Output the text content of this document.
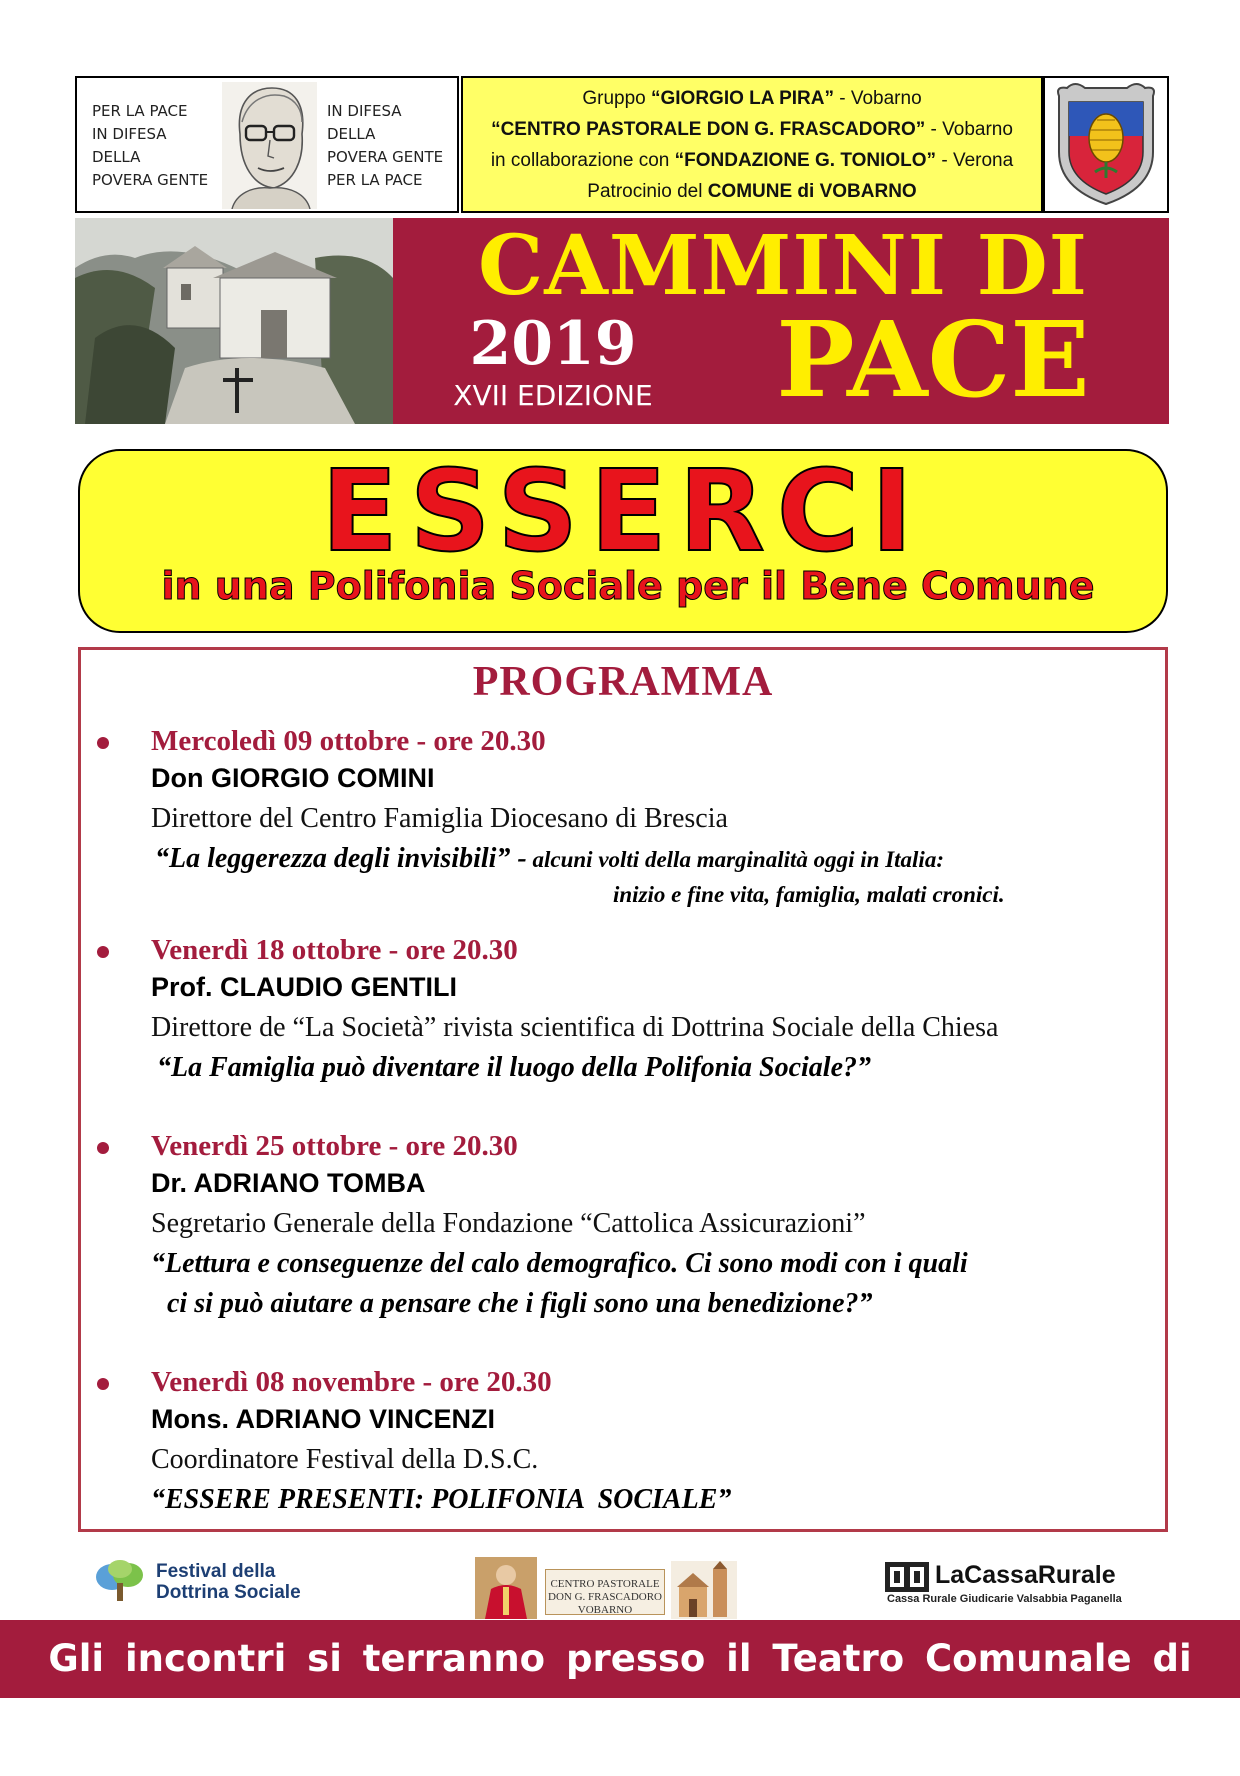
PER LA PACE
IN DIFESA
DELLA
POVERA GENTE
IN DIFESA
DELLA
POVERA GENTE
PER LA PACE
Gruppo “GIORGIO LA PIRA” - Vobarno
“CENTRO PASTORALE DON G. FRASCADORO” - Vobarno
in collaborazione con “FONDAZIONE G. TONIOLO” - Verona
Patrocinio del COMUNE di VOBARNO
CAMMINI DI
2019
XVII EDIZIONE	PACE
ESSERCI
in una Polifonia Sociale per il Bene Comune
PROGRAMMA
Mercoledì 09 ottobre - ore 20.30
Don GIORGIO COMINI
Direttore del Centro Famiglia Diocesano di Brescia
“La leggerezza degli invisibili” - alcuni volti della marginalità oggi in Italia:
inizio e fine vita, famiglia, malati cronici.
Venerdì 18 ottobre - ore 20.30
Prof. CLAUDIO GENTILI
Direttore de “La Società” rivista scientifica di Dottrina Sociale della Chiesa
“La Famiglia può diventare il luogo della Polifonia Sociale?”
Venerdì 25 ottobre - ore 20.30
Dr. ADRIANO TOMBA
Segretario Generale della Fondazione “Cattolica Assicurazioni”
“Lettura e conseguenze del calo demografico. Ci sono modi con i quali
ci si può aiutare a pensare che i figli sono una benedizione?”
Venerdì 08 novembre - ore 20.30
Mons. ADRIANO VINCENZI
Coordinatore Festival della D.S.C.
“ESSERE PRESENTI: POLIFONIA  SOCIALE”
Festival della
Dottrina Sociale	CENTRO PASTORALE
DON G. FRASCADORO
VOBARNO
LaCassaRurale
Cassa Rurale Giudicarie Valsabbia Paganella
Gli incontri si terranno presso il Teatro Comunale di Vobarno
